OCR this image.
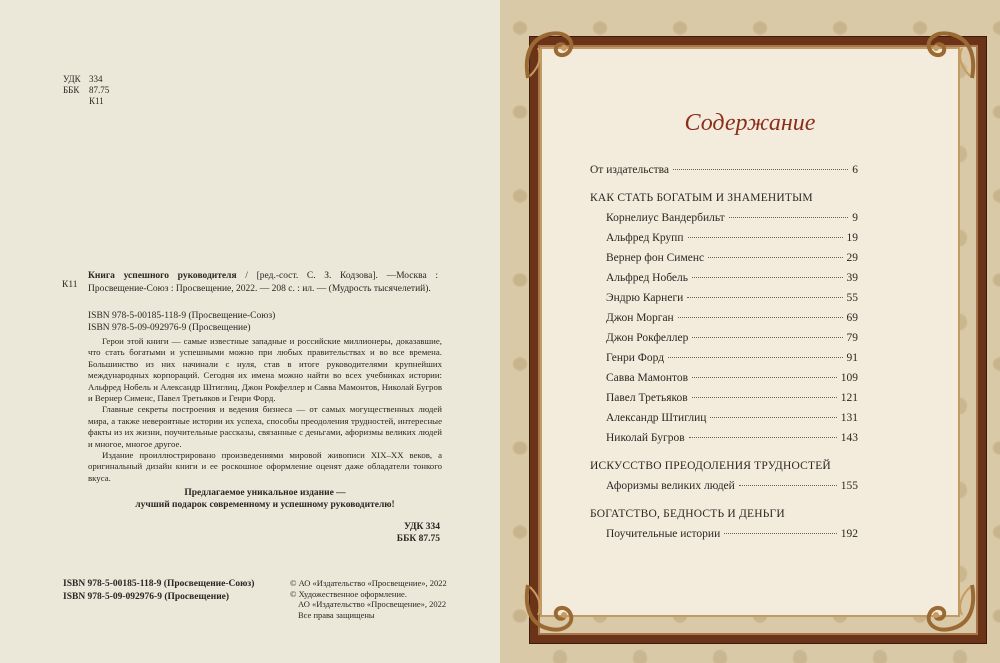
УДК 334
ББК	87.75
К11
К11
Книга успешного руководителя / [ред.-сост. С. З. Кодзова]. —Москва : Просвещение-Союз : Просвещение, 2022. — 208 с. : ил. — (Мудрость тысячелетий).
ISBN 978-5-00185-118-9 (Просвещение-Союз)
ISBN 978-5-09-092976-9 (Просвещение)

Герои этой книги — самые известные западные и российские миллионеры, доказавшие, что стать богатыми и успешными можно при любых правительствах и во все времена. Большинство из них начинали с нуля, став в итоге руководителями крупнейших международных корпораций. Сегодня их имена можно найти во всех учебниках истории: Альфред Нобель и Александр Штиглиц, Джон Рокфеллер и Савва Мамонтов, Николай Бугров и Вернер Сименс, Павел Третьяков и Генри Форд.

Главные секреты построения и ведения бизнеса — от самых могущественных людей мира, а также невероятные истории их успеха, способы преодоления трудностей, интересные факты из их жизни, поучительные рассказы, связанные с деньгами, афоризмы великих людей и многое, многое другое.

Издание проиллюстрировано произведениями мировой живописи XIX–XX веков, а оригинальный дизайн книги и ее роскошное оформление оценят даже обладатели тонкого вкуса.

Предлагаемое уникальное издание —
лучший подарок современному и успешному руководителю!
УДК 334
ББК 87.75
ISBN 978-5-00185-118-9 (Просвещение-Союз)
ISBN 978-5-09-092976-9 (Просвещение)
© АО «Издательство «Просвещение», 2022
© Художественное оформление.
АО «Издательство «Просвещение», 2022
Все права защищены
Содержание
От издательства	6
КАК СТАТЬ БОГАТЫМ И ЗНАМЕНИТЫМ
Корнелиус Вандербильт	9
Альфред Крупп	19
Вернер фон Сименс	29
Альфред Нобель	39
Эндрю Карнеги	55
Джон Морган	69
Джон Рокфеллер	79
Генри Форд	91
Савва Мамонтов	109
Павел Третьяков	121
Александр Штиглиц	131
Николай Бугров	143
ИСКУССТВО ПРЕОДОЛЕНИЯ ТРУДНОСТЕЙ
Афоризмы великих людей	155
БОГАТСТВО, БЕДНОСТЬ И ДЕНЬГИ
Поучительные истории	192
